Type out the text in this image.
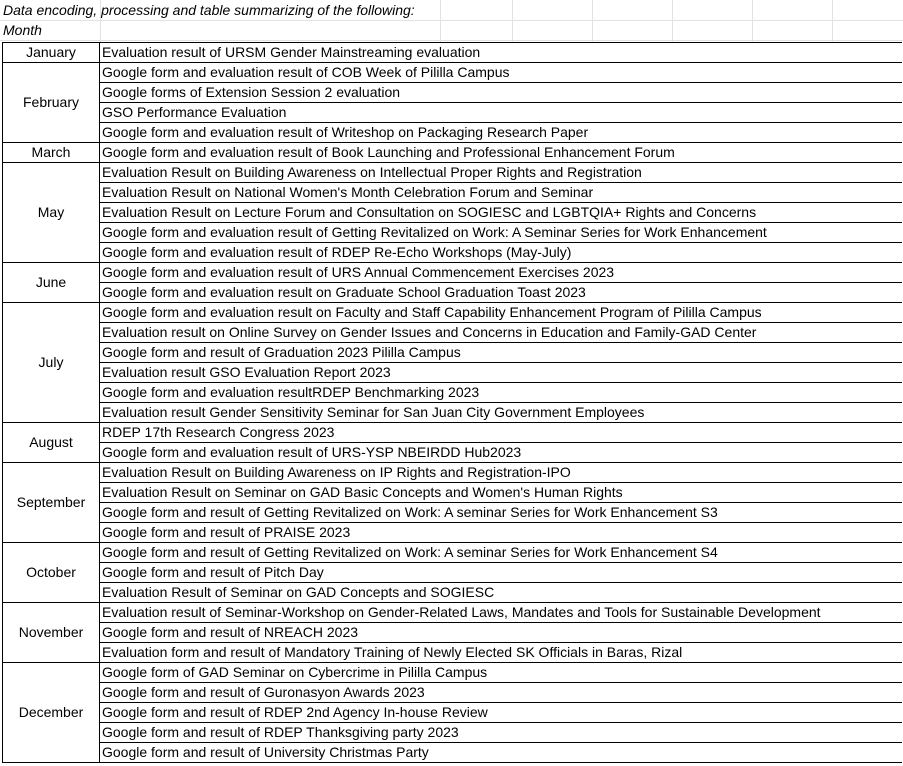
Data encoding, processing and table summarizing of the following:
Month
January	Evaluation result of URSM Gender Mainstreaming evaluation
February	Google form and evaluation result of COB Week of Pililla Campus
	Google forms of Extension Session 2 evaluation
	GSO Performance Evaluation
	Google form and evaluation result of Writeshop on Packaging Research Paper
March	Google form and evaluation result of Book Launching and Professional Enhancement Forum
May	Evaluation Result on Building Awareness on Intellectual Proper Rights and Registration
	Evaluation Result on National Women's Month Celebration Forum and Seminar
	Evaluation Result on Lecture Forum and Consultation on SOGIESC and LGBTQIA+ Rights and Concerns
	Google form and evaluation result of Getting Revitalized on Work: A Seminar Series for Work Enhancement
	Google form and evaluation result of RDEP Re-Echo Workshops (May-July)
June	Google form and evaluation result of URS Annual Commencement Exercises 2023
	Google form and evaluation result on Graduate School Graduation Toast 2023
July	Google form and evaluation result on Faculty and Staff Capability Enhancement Program of Pililla Campus
	Evaluation result on Online Survey on Gender Issues and Concerns in Education and Family-GAD Center
	Google form and result of Graduation 2023 Pililla Campus
	Evaluation result GSO Evaluation Report 2023
	Google form and evaluation resultRDEP Benchmarking 2023
	Evaluation result Gender Sensitivity Seminar for San Juan City Government Employees
August	RDEP 17th Research Congress 2023
	Google form and evaluation result of URS-YSP NBEIRDD Hub2023
September	Evaluation Result on Building Awareness on IP Rights and Registration-IPO
	Evaluation Result on Seminar on GAD Basic Concepts and Women's Human Rights
	Google form and result of Getting Revitalized on Work: A seminar Series for Work Enhancement S3
	Google form and result of PRAISE 2023
October	Google form and result of Getting Revitalized on Work: A seminar Series for Work Enhancement S4
	Google form and result of Pitch Day
	Evaluation Result of Seminar on GAD Concepts and SOGIESC
November	Evaluation result of Seminar-Workshop on Gender-Related Laws, Mandates and Tools for Sustainable Development
	Google form and result of NREACH 2023
	Evaluation form and result of Mandatory Training of Newly Elected SK Officials in Baras, Rizal
December	Google form of GAD Seminar on Cybercrime in Pililla Campus
	Google form and result of Guronasyon Awards 2023
	Google form and result of RDEP 2nd Agency In-house Review
	Google form and result of RDEP Thanksgiving party 2023
	Google form and result of University Christmas Party
